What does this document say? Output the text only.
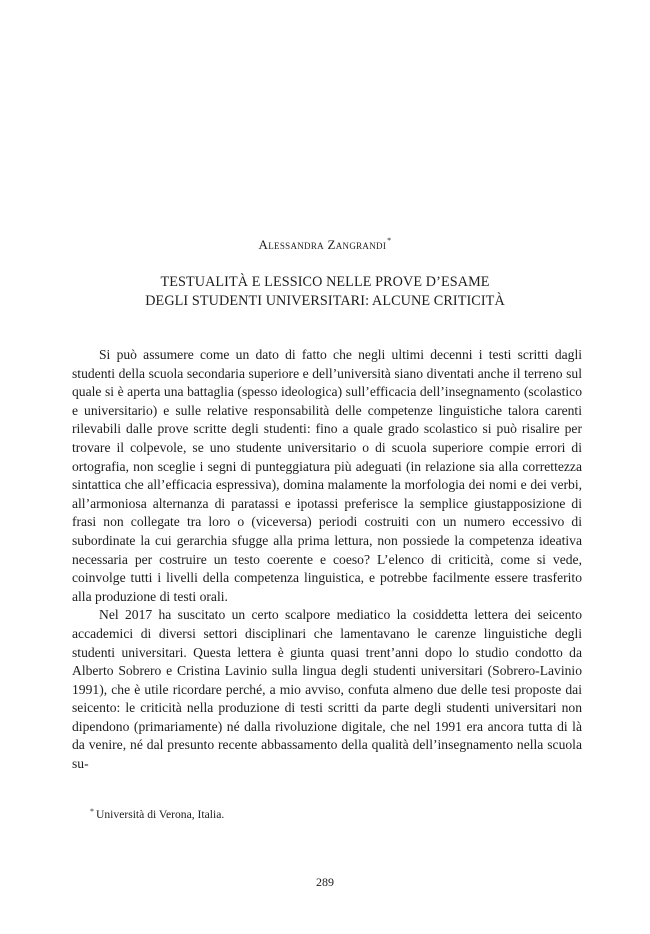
Alessandra Zangrandi*
TESTUALITÀ E LESSICO NELLE PROVE D’ESAME
DEGLI STUDENTI UNIVERSITARI: ALCUNE CRITICITÀ

Si può assumere come un dato di fatto che negli ultimi decenni i testi scritti dagli studenti della scuola secondaria superiore e dell’università siano diventati anche il terreno sul quale si è aperta una battaglia (spesso ideologica) sull’efficacia dell’insegnamento (scolastico e universitario) e sulle relative responsabilità delle competenze linguistiche talora carenti rilevabili dalle prove scritte degli studenti: fino a quale grado scolastico si può risalire per trovare il colpevole, se uno studente universitario o di scuola superiore compie errori di ortografia, non sceglie i segni di punteggiatura più adeguati (in relazione sia alla correttezza sintattica che all’efficacia espressiva), domina malamente la morfologia dei nomi e dei verbi, all’armoniosa alternanza di paratassi e ipotassi preferisce la semplice giustapposizione di frasi non collegate tra loro o (viceversa) periodi costruiti con un numero eccessivo di subordinate la cui gerarchia sfugge alla prima lettura, non possiede la competenza ideativa necessaria per costruire un testo coerente e coeso? L’elenco di criticità, come si vede, coinvolge tutti i livelli della competenza linguistica, e potrebbe facilmente essere trasferito alla produzione di testi orali.

Nel 2017 ha suscitato un certo scalpore mediatico la cosiddetta lettera dei seicento accademici di diversi settori disciplinari che lamentavano le carenze linguistiche degli studenti universitari. Questa lettera è giunta quasi trent’anni dopo lo studio condotto da Alberto Sobrero e Cristina Lavinio sulla lingua degli studenti universitari (Sobrero-Lavinio 1991), che è utile ricordare perché, a mio avviso, confuta almeno due delle tesi proposte dai seicento: le criticità nella produzione di testi scritti da parte degli studenti universitari non dipendono (primariamente) né dalla rivoluzione digitale, che nel 1991 era ancora tutta di là da venire, né dal presunto recente abbassamento della qualità dell’insegnamento nella scuola su-

* Università di Verona, Italia.
289
